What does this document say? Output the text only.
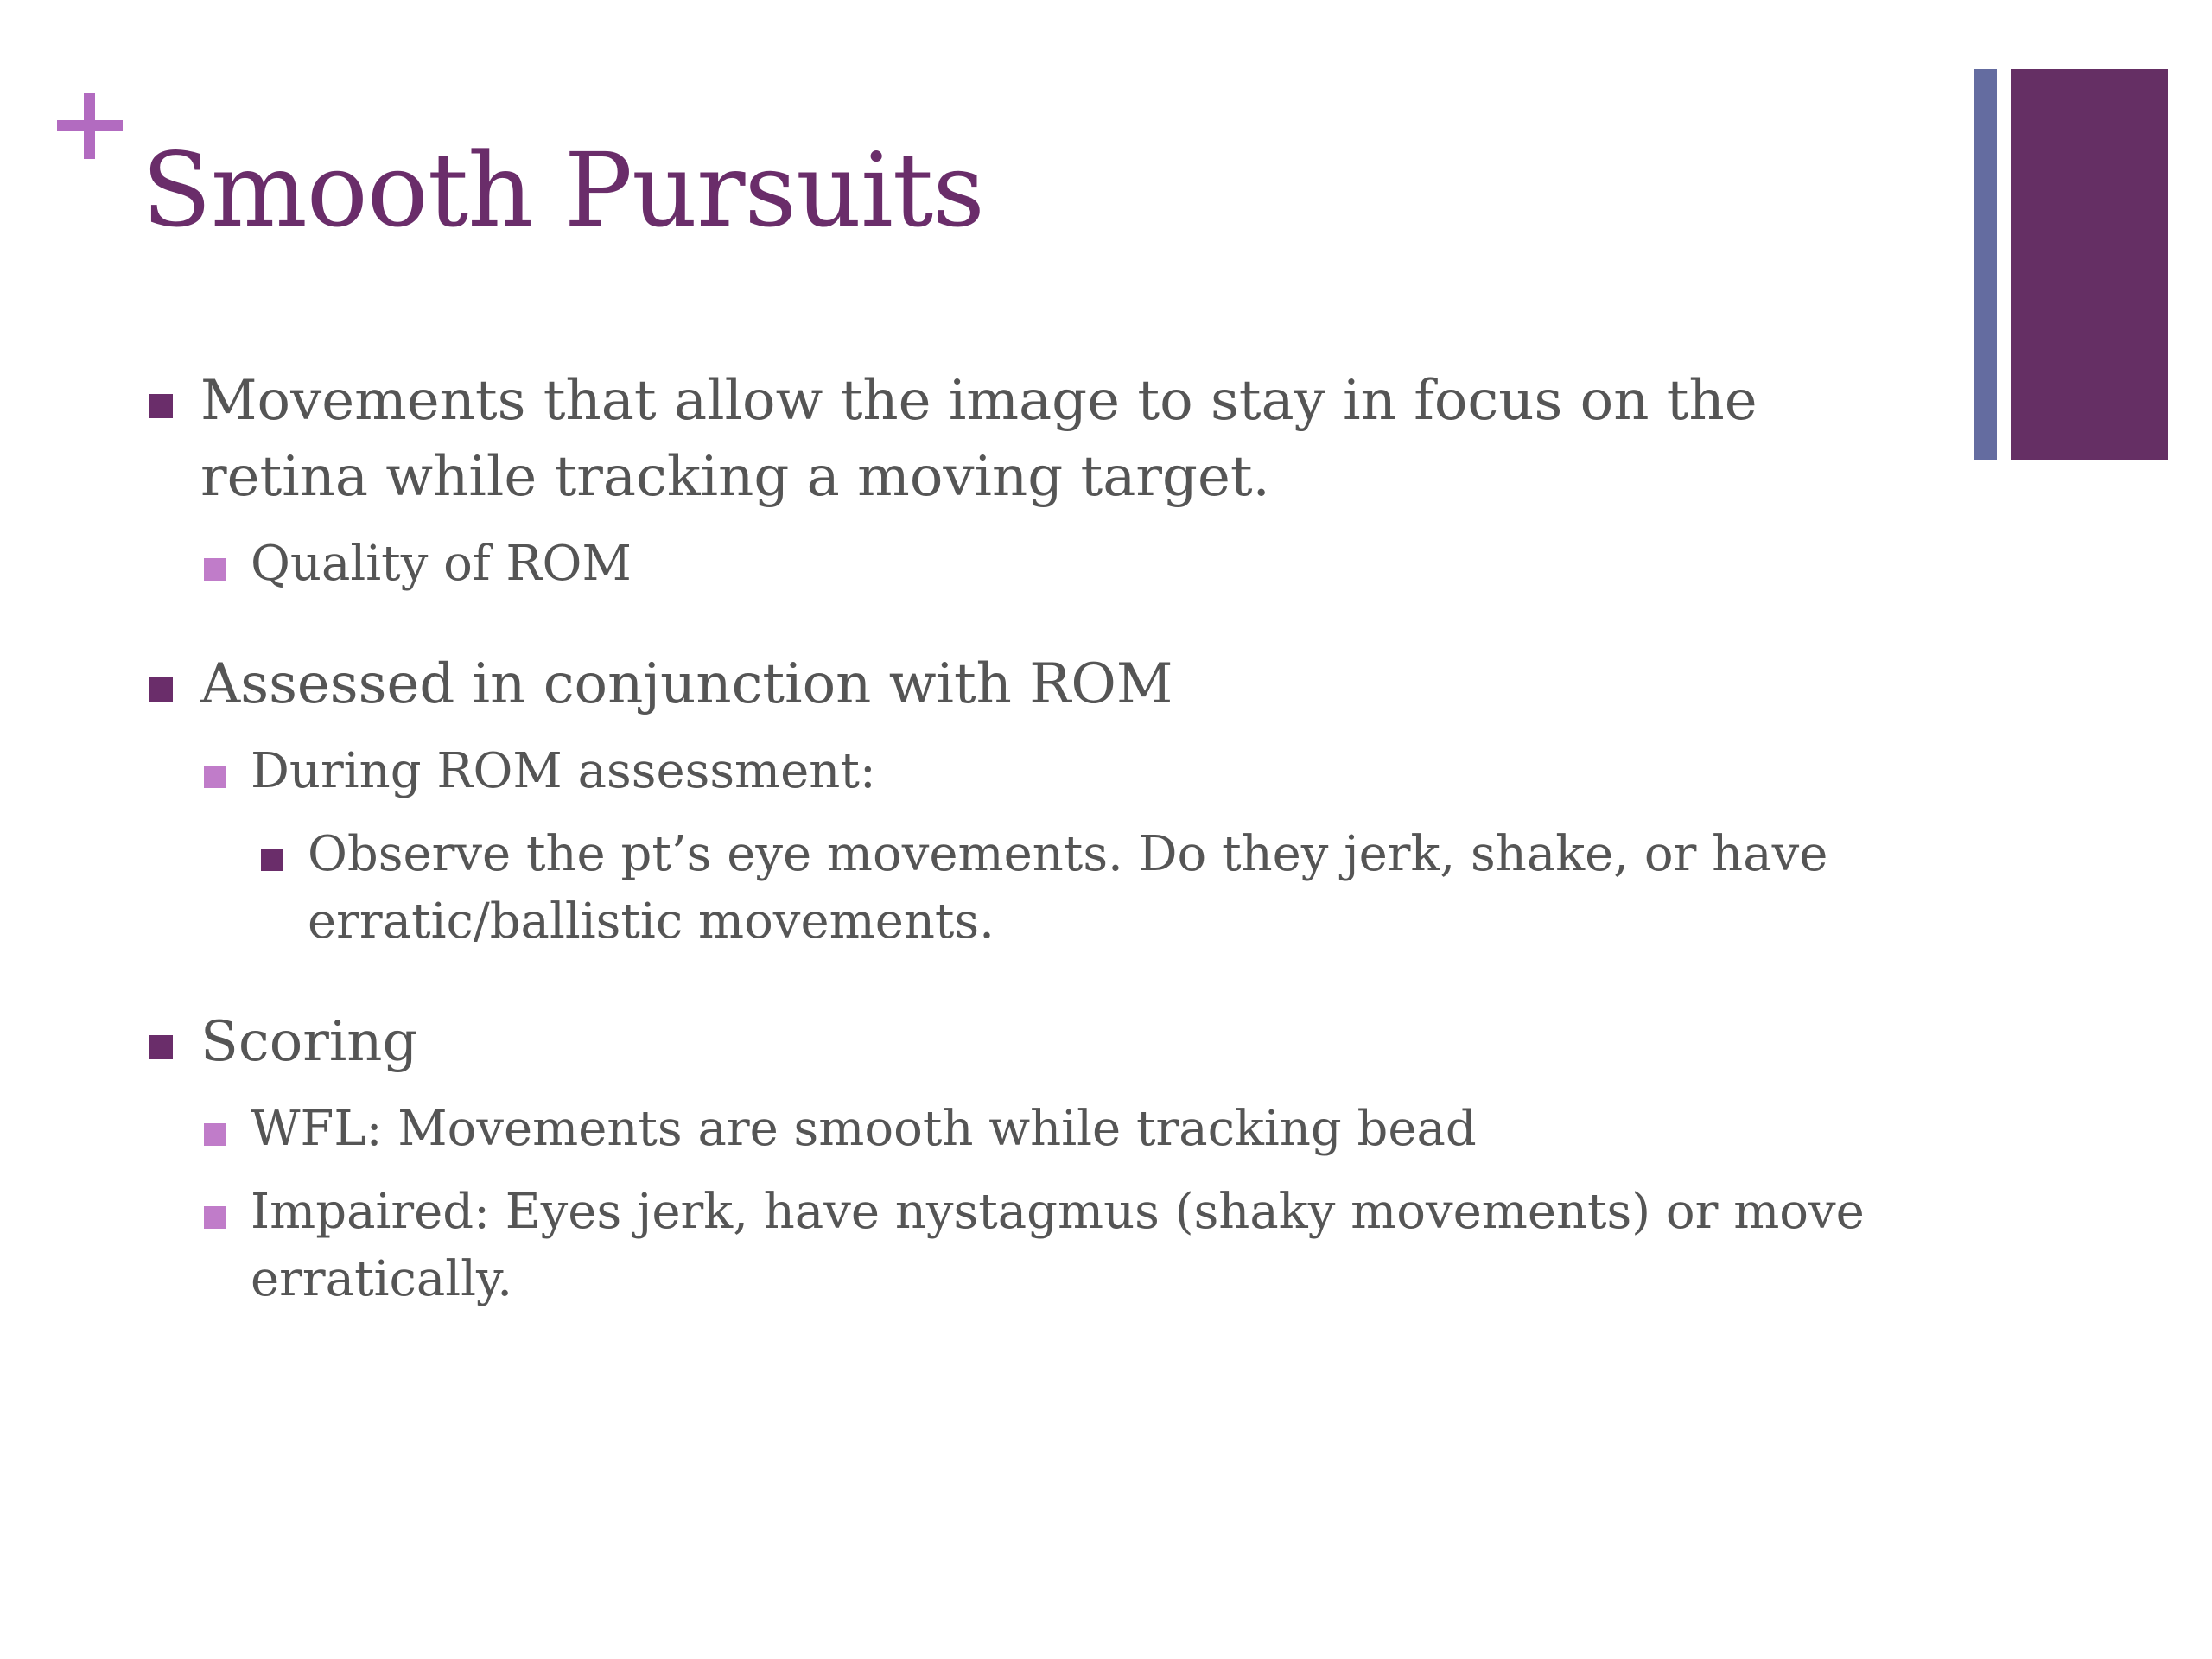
Smooth Pursuits
Movements that allow the image to stay in focus on the retina while tracking a moving target.
Quality of ROM
Assessed in conjunction with ROM
During ROM assessment:
Observe the pt’s eye movements. Do they jerk, shake, or have erratic/ballistic movements.
Scoring
WFL: Movements are smooth while tracking bead
Impaired: Eyes jerk, have nystagmus (shaky movements) or move erratically.
